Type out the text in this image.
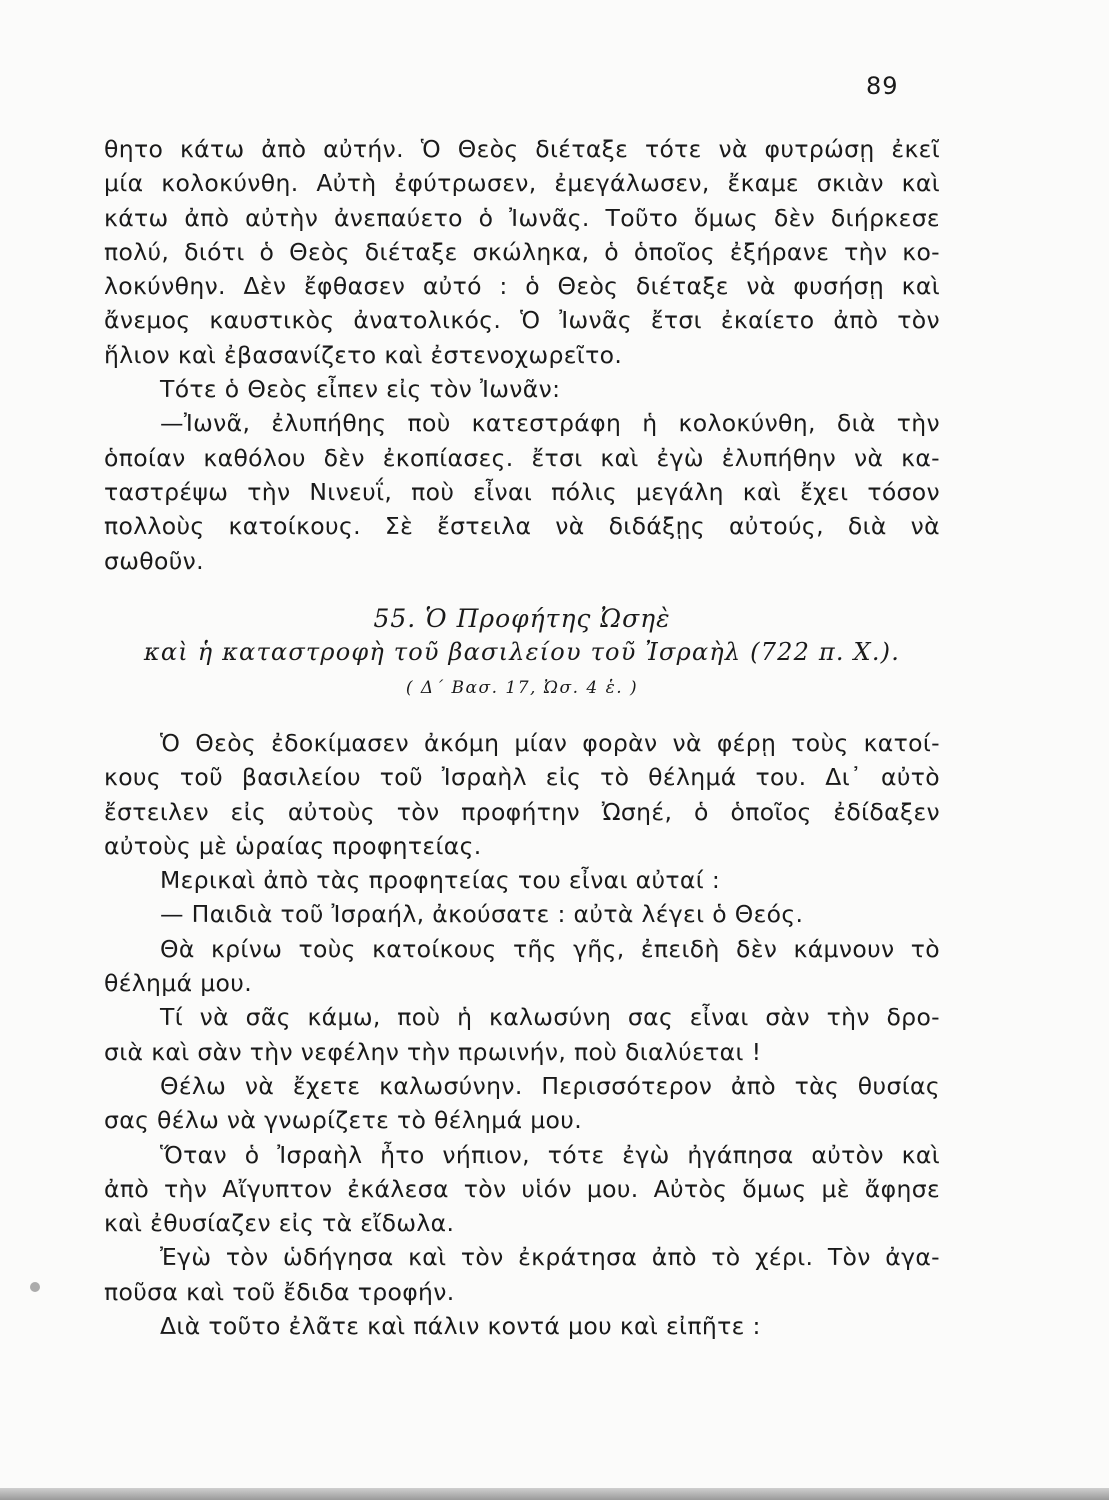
89
θητο κάτω ἀπὸ αὐτήν. Ὁ Θεὸς διέταξε τότε νὰ φυτρώσῃ ἐκεῖ
μία κολοκύνθη. Αὐτὴ ἐφύτρωσεν, ἐμεγάλωσεν, ἔκαμε σκιὰν καὶ
κάτω ἀπὸ αὐτὴν ἀνεπαύετο ὁ Ἰωνᾶς. Τοῦτο ὅμως δὲν διήρκεσε
πολύ, διότι ὁ Θεὸς διέταξε σκώληκα, ὁ ὁποῖος ἐξήρανε τὴν κο-
λοκύνθην. Δὲν ἔφθασεν αὐτό : ὁ Θεὸς διέταξε νὰ φυσήσῃ καὶ
ἄνεμος καυστικὸς ἀνατολικός. Ὁ Ἰωνᾶς ἔτσι ἐκαίετο ἀπὸ τὸν
ἥλιον καὶ ἐβασανίζετο καὶ ἐστενοχωρεῖτο.
Τότε ὁ Θεὸς εἶπεν εἰς τὸν Ἰωνᾶν:
—Ἰωνᾶ, ἐλυπήθης ποὺ κατεστράφη ἡ κολοκύνθη, διὰ τὴν
ὁποίαν καθόλου δὲν ἐκοπίασες. ἔτσι καὶ ἐγὼ ἐλυπήθην νὰ κα-
ταστρέψω τὴν Νινευΐ, ποὺ εἶναι πόλις μεγάλη καὶ ἔχει τόσον
πολλοὺς κατοίκους. Σὲ ἔστειλα νὰ διδάξῃς αὐτούς, διὰ νὰ
σωθοῦν.
55. Ὁ Προφήτης Ὠσηὲ
καὶ ἡ καταστροφὴ τοῦ βασιλείου τοῦ Ἰσραὴλ (722 π. Χ.).
( Δ΄ Βασ. 17, Ὠσ. 4 ἑ. )
Ὁ Θεὸς ἐδοκίμασεν ἀκόμη μίαν φορὰν νὰ φέρῃ τοὺς κατοί-
κους τοῦ βασιλείου τοῦ Ἰσραὴλ εἰς τὸ θέλημά του. Δι᾿ αὐτὸ
ἔστειλεν εἰς αὐτοὺς τὸν προφήτην Ὠσηέ, ὁ ὁποῖος ἐδίδαξεν
αὐτοὺς μὲ ὡραίας προφητείας.
Μερικαὶ ἀπὸ τὰς προφητείας του εἶναι αὐταί :
— Παιδιὰ τοῦ Ἰσραήλ, ἀκούσατε : αὐτὰ λέγει ὁ Θεός.
Θὰ κρίνω τοὺς κατοίκους τῆς γῆς, ἐπειδὴ δὲν κάμνουν τὸ
θέλημά μου.
Τί νὰ σᾶς κάμω, ποὺ ἡ καλωσύνη σας εἶναι σὰν τὴν δρο-
σιὰ καὶ σὰν τὴν νεφέλην τὴν πρωινήν, ποὺ διαλύεται !
Θέλω νὰ ἔχετε καλωσύνην. Περισσότερον ἀπὸ τὰς θυσίας
σας θέλω νὰ γνωρίζετε τὸ θέλημά μου.
Ὅταν ὁ Ἰσραὴλ ἦτο νήπιον, τότε ἐγὼ ἠγάπησα αὐτὸν καὶ
ἀπὸ τὴν Αἴγυπτον ἐκάλεσα τὸν υἱόν μου. Αὐτὸς ὅμως μὲ ἄφησε
καὶ ἐθυσίαζεν εἰς τὰ εἴδωλα.
Ἐγὼ τὸν ὡδήγησα καὶ τὸν ἐκράτησα ἀπὸ τὸ χέρι. Τὸν ἀγα-
ποῦσα καὶ τοῦ ἔδιδα τροφήν.
Διὰ τοῦτο ἐλᾶτε καὶ πάλιν κοντά μου καὶ εἰπῆτε :
